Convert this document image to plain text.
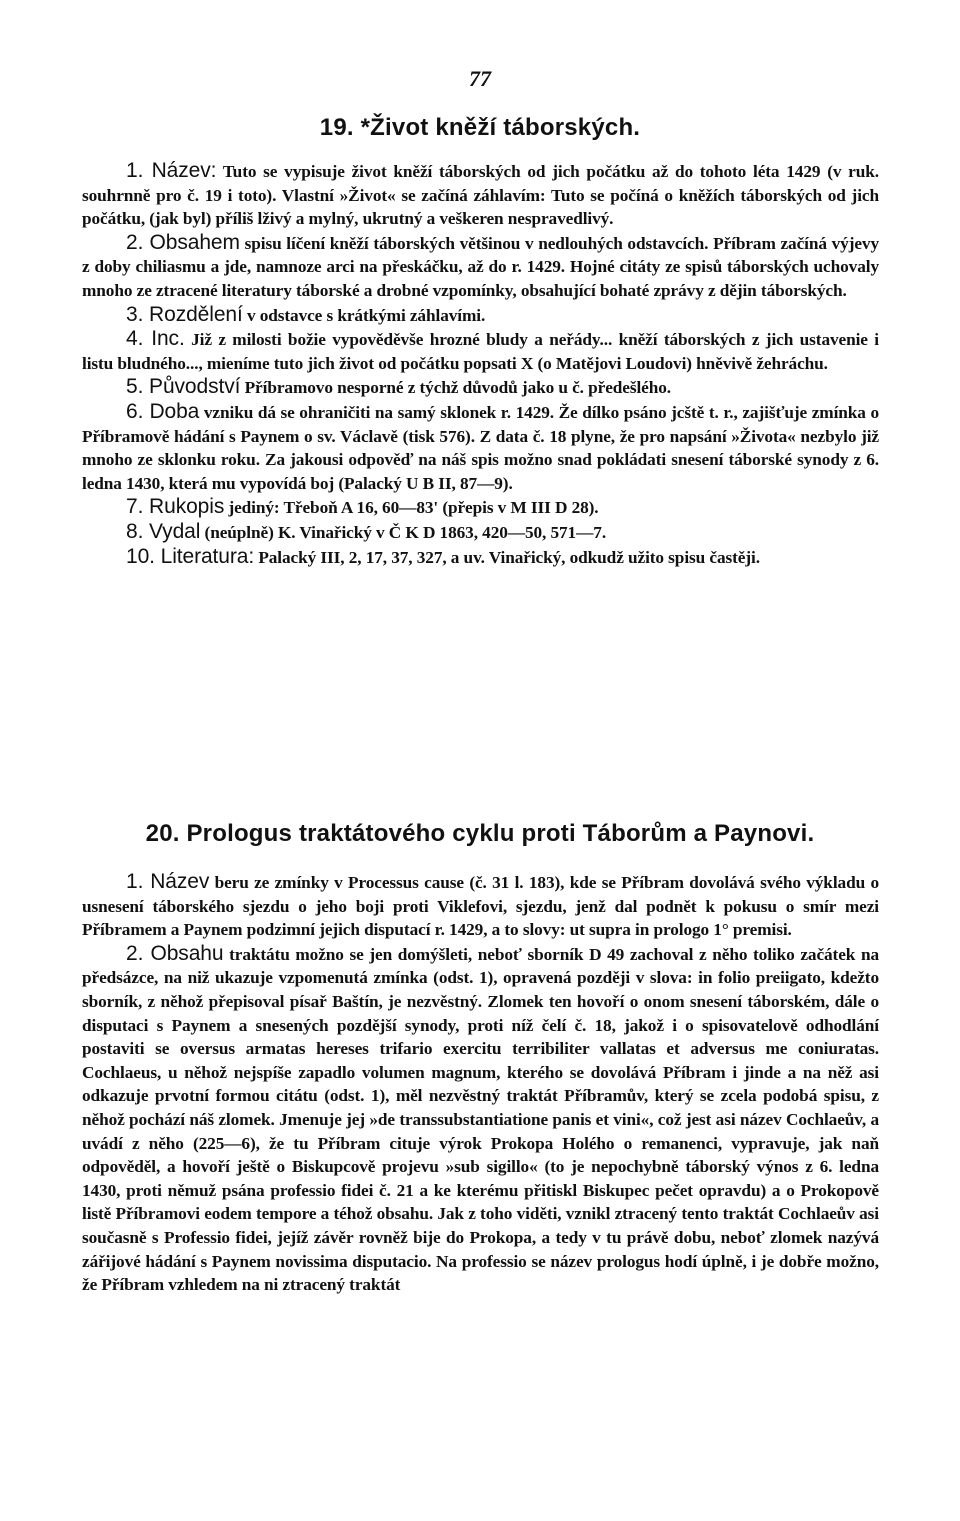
77
19. *Život kněží táborských.

1. Název: Tuto se vypisuje život kněží táborských od jich počátku až do tohoto léta 1429 (v ruk. souhrnně pro č. 19 i toto). Vlastní »Život« se začíná záhlavím: Tuto se počíná o kněžích táborských od jich počátku, (jak byl) příliš lživý a mylný, ukrutný a veškeren nespravedlivý.

2. Obsahem spisu líčení kněží táborských většinou v nedlouhých odstavcích. Příbram začíná výjevy z doby chiliasmu a jde, namnoze arci na přeskáčku, až do r. 1429. Hojné citáty ze spisů táborských uchovaly mnoho ze ztracené literatury táborské a drobné vzpomínky, obsahující bohaté zprávy z dějin táborských.

3. Rozdělení v odstavce s krátkými záhlavími.

4. Inc. Již z milosti božie vypověděvše hrozné bludy a neřády... kněží táborských z jich ustavenie i listu bludného..., mieníme tuto jich život od počátku popsati X (o Matějovi Loudovi) hněvivě žehráchu.

5. Původství Příbramovo nesporné z týchž důvodů jako u č. předešlého.

6. Doba vzniku dá se ohraničiti na samý sklonek r. 1429. Že dílko psáno jcště t. r., zajišťuje zmínka o Příbramově hádání s Paynem o sv. Václavě (tisk 576). Z data č. 18 plyne, že pro napsání »Života« nezbylo již mnoho ze sklonku roku. Za jakousi odpověď na náš spis možno snad pokládati snesení táborské synody z 6. ledna 1430, která mu vypovídá boj (Palacký U B II, 87—9).

7. Rukopis jediný: Třeboň A 16, 60—83' (přepis v M III D 28).

8. Vydal (neúplně) K. Vinařický v Č K D 1863, 420—50, 571—7.

10. Literatura: Palacký III, 2, 17, 37, 327, a uv. Vinařický, odkudž užito spisu častěji.

20. Prologus traktátového cyklu proti Táborům a Paynovi.

1. Název beru ze zmínky v Processus cause (č. 31 l. 183), kde se Příbram dovolává svého výkladu o usnesení táborského sjezdu o jeho boji proti Viklefovi, sjezdu, jenž dal podnět k pokusu o smír mezi Příbramem a Paynem podzimní jejich disputací r. 1429, a to slovy: ut supra in prologo 1° premisi.

2. Obsahu traktátu možno se jen domýšleti, neboť sborník D 49 zachoval z něho toliko začátek na předsázce, na niž ukazuje vzpomenutá zmínka (odst. 1), opravená později v slova: in folio preiigato, kdežto sborník, z něhož přepisoval písař Baštín, je nezvěstný. Zlomek ten hovoří o onom snesení táborském, dále o disputaci s Paynem a snesených pozdější synody, proti níž čelí č. 18, jakož i o spisovatelově odhodlání postaviti se oversus armatas hereses trifario exercitu terribiliter vallatas et adversus me coniuratas. Cochlaeus, u něhož nejspíše zapadlo volumen magnum, kterého se dovolává Příbram i jinde a na něž asi odkazuje prvotní formou citátu (odst. 1), měl nezvěstný traktát Příbramův, který se zcela podobá spisu, z něhož pochází náš zlomek. Jmenuje jej »de transsubstantiatione panis et vini«, což jest asi název Cochlaeův, a uvádí z něho (225—6), že tu Příbram cituje výrok Prokopa Holého o remanenci, vypravuje, jak naň odpověděl, a hovoří ještě o Biskupcově projevu »sub sigillo« (to je nepochybně táborský výnos z 6. ledna 1430, proti němuž psána professio fidei č. 21 a ke kterému přitiskl Biskupec pečet opravdu) a o Prokopově listě Příbramovi eodem tempore a téhož obsahu. Jak z toho viděti, vznikl ztracený tento traktát Cochlaeův asi současně s Professio fidei, jejíž závěr rovněž bije do Prokopa, a tedy v tu právě dobu, neboť zlomek nazývá zářijové hádání s Paynem novissima disputacio. Na professio se název prologus hodí úplně, i je dobře možno, že Příbram vzhledem na ni ztracený traktát
